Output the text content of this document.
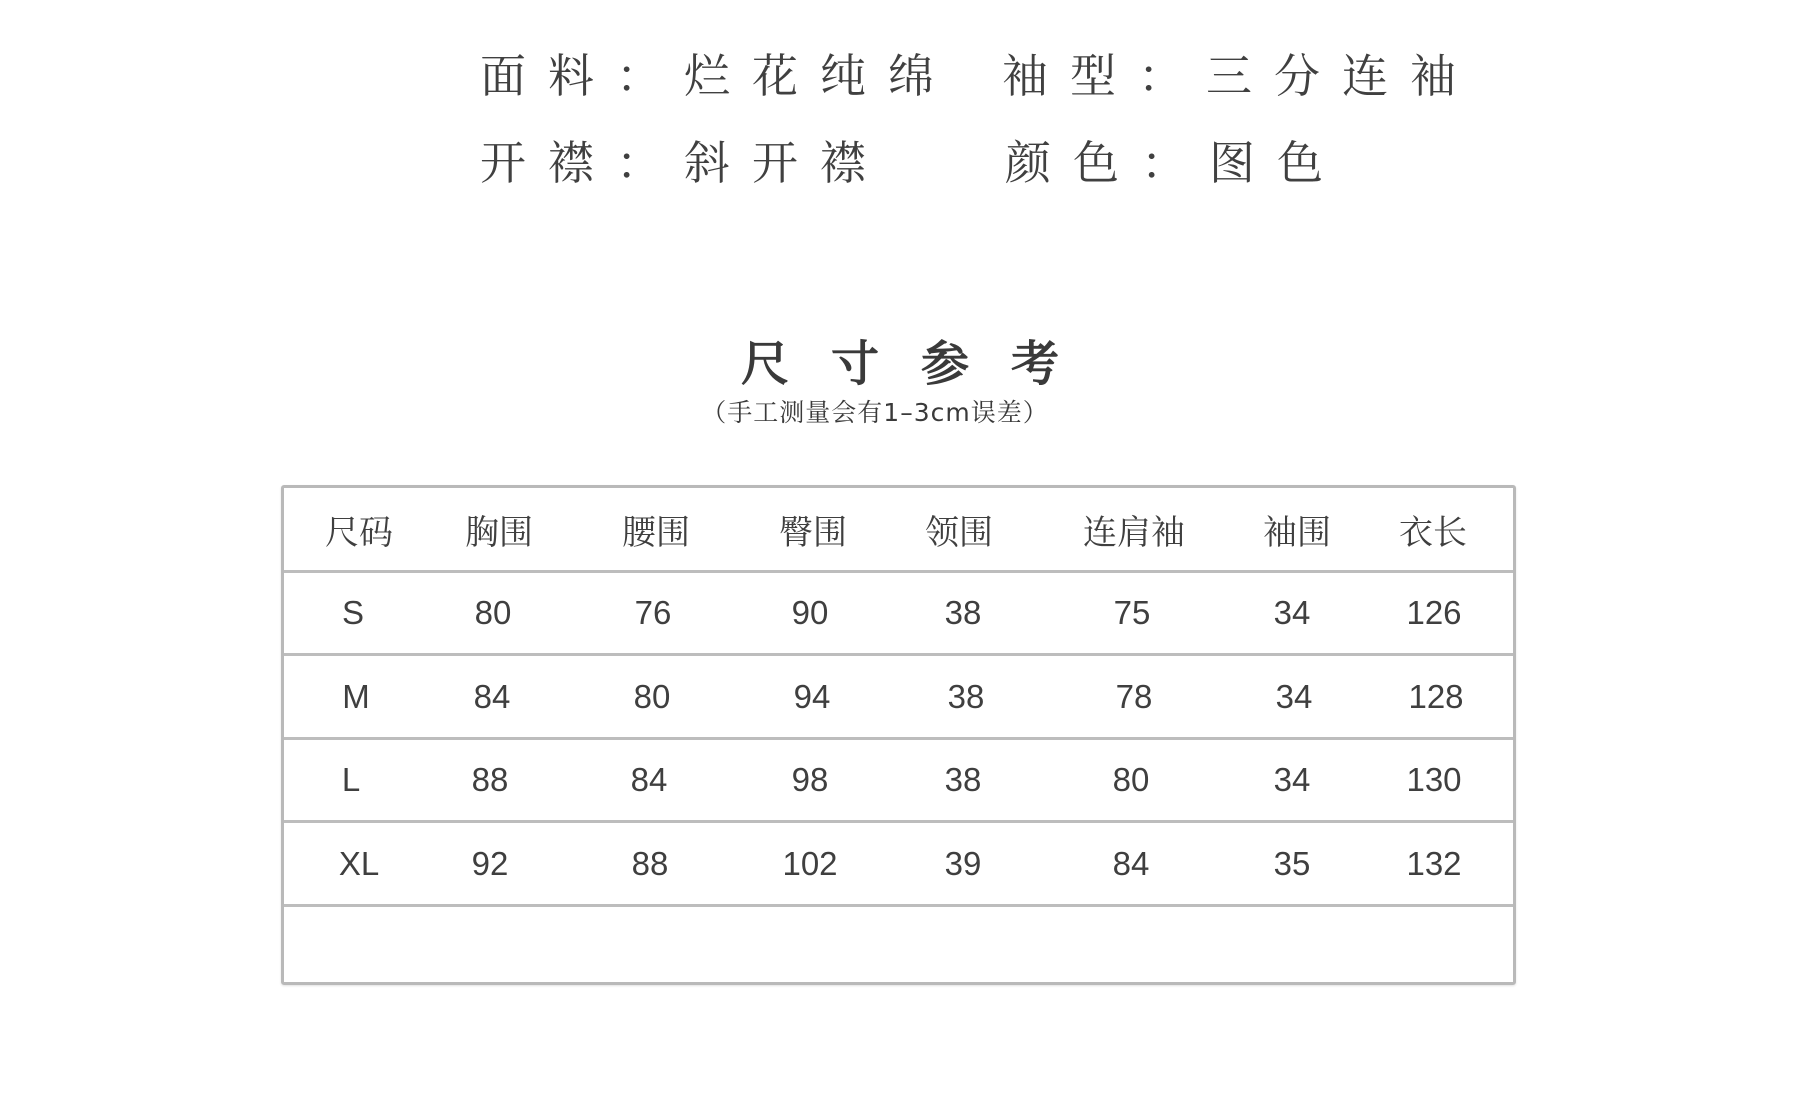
面料 ： 烂花纯绵 袖型 ： 三分连袖
开襟 ： 斜开襟	颜色 ： 图色
尺寸参考
（手工测量会有1–3cm误差）
尺码	胸围	腰围	臀围	领围	连肩袖	袖围	衣长
S	80	76	90	38	75	34	126
M	84	80	94	38	78	34	128
L	88	84	98	38	80	34	130
XL	92	88	102	39	84	35	132
